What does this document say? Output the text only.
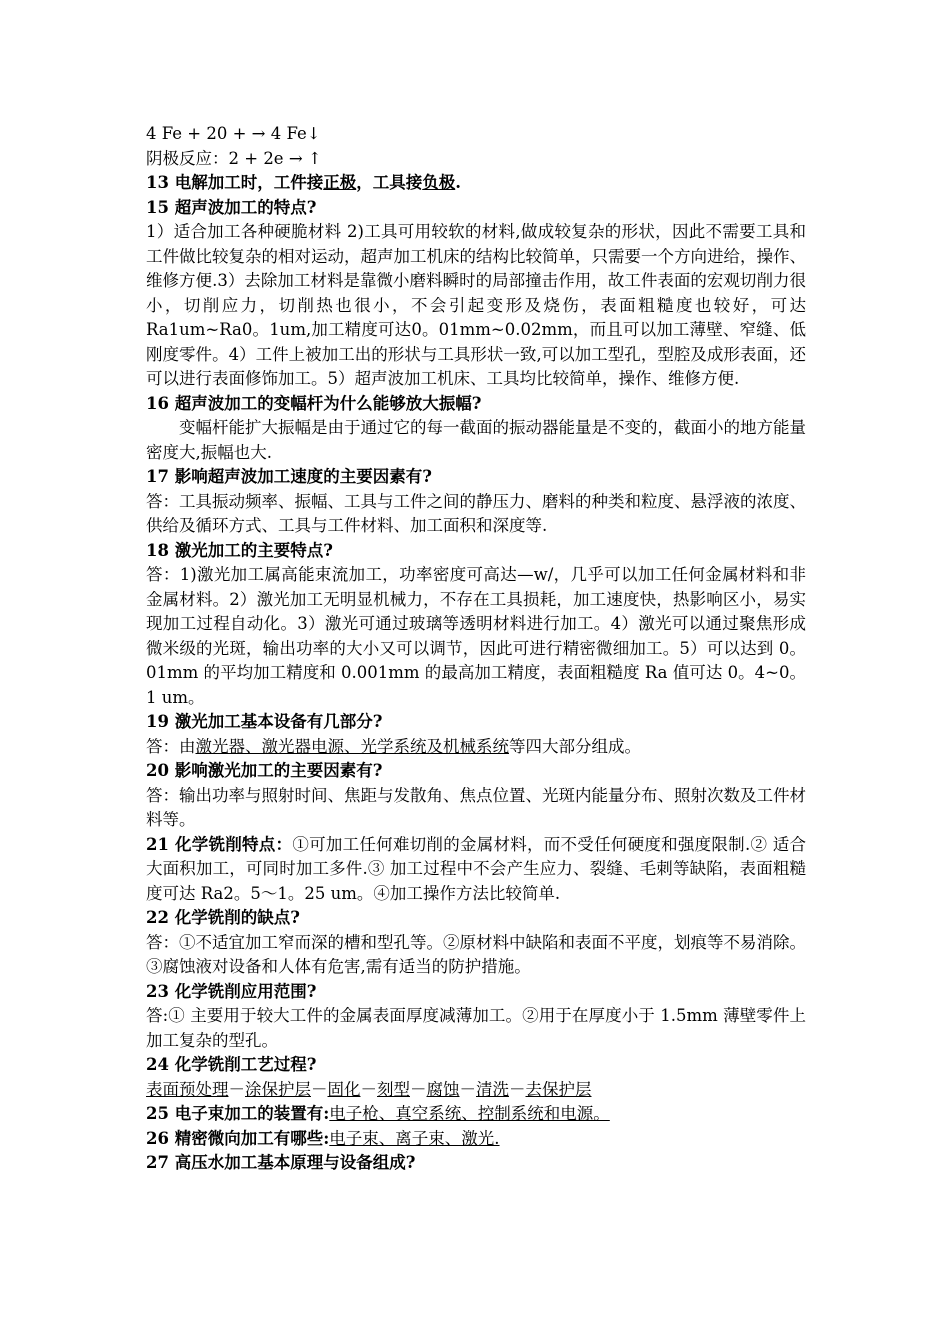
4 Fe + 20 + → 4 Fe↓

阴极反应：2 + 2e → ↑

13 电解加工时，工件接正极，工具接负极.

15 超声波加工的特点?

1）适合加工各种硬脆材料 2)工具可用较软的材料,做成较复杂的形状，因此不需要工具和工件做比较复杂的相对运动，超声加工机床的结构比较简单，只需要一个方向进给，操作、维修方便.3）去除加工材料是靠微小磨料瞬时的局部撞击作用，故工件表面的宏观切削力很小，切削应力，切削热也很小，不会引起变形及烧伤，表面粗糙度也较好，可达 Ra1um~Ra0。1um,加工精度可达0。01mm~0.02mm，而且可以加工薄壁、窄缝、低刚度零件。4）工件上被加工出的形状与工具形状一致,可以加工型孔，型腔及成形表面，还可以进行表面修饰加工。5）超声波加工机床、工具均比较简单，操作、维修方便.

16 超声波加工的变幅杆为什么能够放大振幅?

变幅杆能扩大振幅是由于通过它的每一截面的振动器能量是不变的，截面小的地方能量密度大,振幅也大.

17 影响超声波加工速度的主要因素有?

答：工具振动频率、振幅、工具与工件之间的静压力、磨料的种类和粒度、悬浮液的浓度、供给及循环方式、工具与工件材料、加工面积和深度等.

18 激光加工的主要特点?

答：1)激光加工属高能束流加工，功率密度可高达—w/，几乎可以加工任何金属材料和非金属材料。2）激光加工无明显机械力，不存在工具损耗，加工速度快，热影响区小，易实现加工过程自动化。3）激光可通过玻璃等透明材料进行加工。4）激光可以通过聚焦形成微米级的光斑，输出功率的大小又可以调节，因此可进行精密微细加工。5）可以达到 0。01mm 的平均加工精度和 0.001mm 的最高加工精度，表面粗糙度 Ra 值可达 0。4~0。1 um。

19 激光加工基本设备有几部分?

答：由激光器、激光器电源、光学系统及机械系统等四大部分组成。

20 影响激光加工的主要因素有?

答：输出功率与照射时间、焦距与发散角、焦点位置、光斑内能量分布、照射次数及工件材料等。

21 化学铣削特点：①可加工任何难切削的金属材料，而不受任何硬度和强度限制.② 适合大面积加工，可同时加工多件.③ 加工过程中不会产生应力、裂缝、毛刺等缺陷，表面粗糙度可达 Ra2。5～1。25 um。④加工操作方法比较简单.

22 化学铣削的缺点?

答：①不适宜加工窄而深的槽和型孔等。②原材料中缺陷和表面不平度，划痕等不易消除。③腐蚀液对设备和人体有危害,需有适当的防护措施。

23 化学铣削应用范围?

答:① 主要用于较大工件的金属表面厚度减薄加工。②用于在厚度小于 1.5mm 薄壁零件上加工复杂的型孔。

24 化学铣削工艺过程?

表面预处理－涂保护层－固化－刻型－腐蚀－清洗－去保护层

25 电子束加工的装置有:电子枪、真空系统、控制系统和电源。

26 精密微向加工有哪些:电子束、离子束、激光.

27 高压水加工基本原理与设备组成?
